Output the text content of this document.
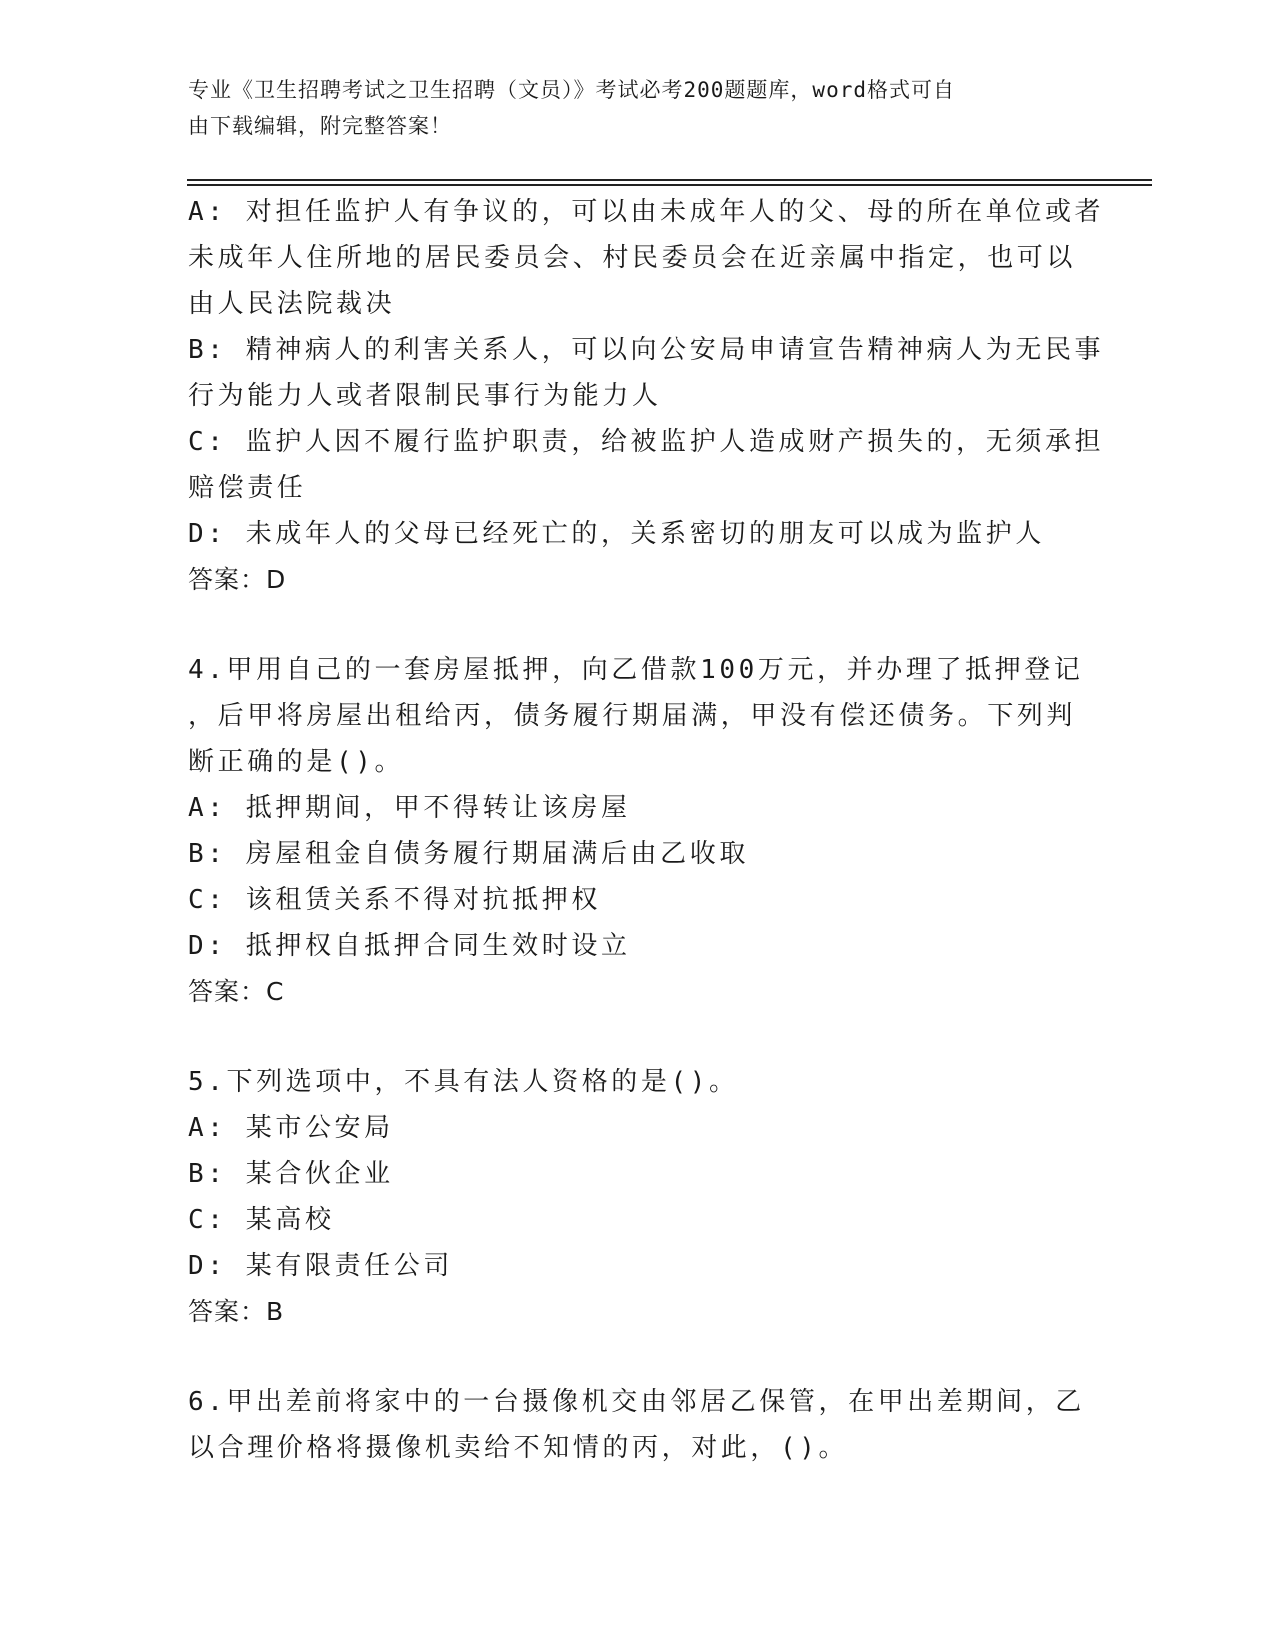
专业《卫生招聘考试之卫生招聘（文员）》考试必考200题题库，word格式可自
由下载编辑，附完整答案！
A: 对担任监护人有争议的，可以由未成年人的父、母的所在单位或者
未成年人住所地的居民委员会、村民委员会在近亲属中指定，也可以
由人民法院裁决
B: 精神病人的利害关系人，可以向公安局申请宣告精神病人为无民事
行为能力人或者限制民事行为能力人
C: 监护人因不履行监护职责，给被监护人造成财产损失的，无须承担
赔偿责任
D: 未成年人的父母已经死亡的，关系密切的朋友可以成为监护人
答案：D
4.甲用自己的一套房屋抵押，向乙借款100万元，并办理了抵押登记
，后甲将房屋出租给丙，债务履行期届满，甲没有偿还债务。下列判
断正确的是()。
A: 抵押期间，甲不得转让该房屋
B: 房屋租金自债务履行期届满后由乙收取
C: 该租赁关系不得对抗抵押权
D: 抵押权自抵押合同生效时设立
答案：C
5.下列选项中，不具有法人资格的是()。
A: 某市公安局
B: 某合伙企业
C: 某高校
D: 某有限责任公司
答案：B
6.甲出差前将家中的一台摄像机交由邻居乙保管，在甲出差期间，乙
以合理价格将摄像机卖给不知情的丙，对此，()。
